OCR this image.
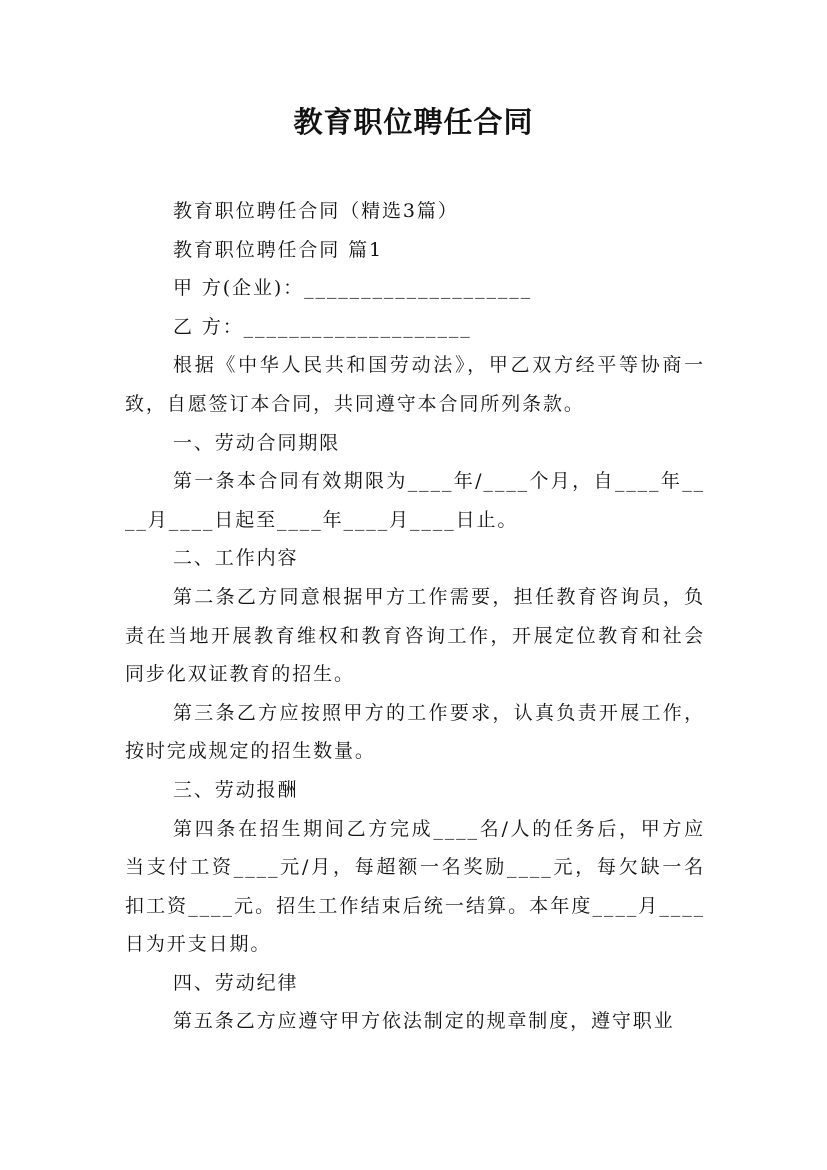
教育职位聘任合同

教育职位聘任合同（精选3篇）

教育职位聘任合同 篇1

甲 方(企业)：____________________

乙 方：____________________

根据《中华人民共和国劳动法》，甲乙双方经平等协商一致，自愿签订本合同，共同遵守本合同所列条款。

一、劳动合同期限

第一条本合同有效期限为____年/____个月，自____年____月____日起至____年____月____日止。

二、工作内容

第二条乙方同意根据甲方工作需要，担任教育咨询员，负责在当地开展教育维权和教育咨询工作，开展定位教育和社会同步化双证教育的招生。

第三条乙方应按照甲方的工作要求，认真负责开展工作，按时完成规定的招生数量。

三、劳动报酬

第四条在招生期间乙方完成____名/人的任务后，甲方应当支付工资____元/月，每超额一名奖励____元，每欠缺一名扣工资____元。招生工作结束后统一结算。本年度____月____日为开支日期。

四、劳动纪律

第五条乙方应遵守甲方依法制定的规章制度，遵守职业
